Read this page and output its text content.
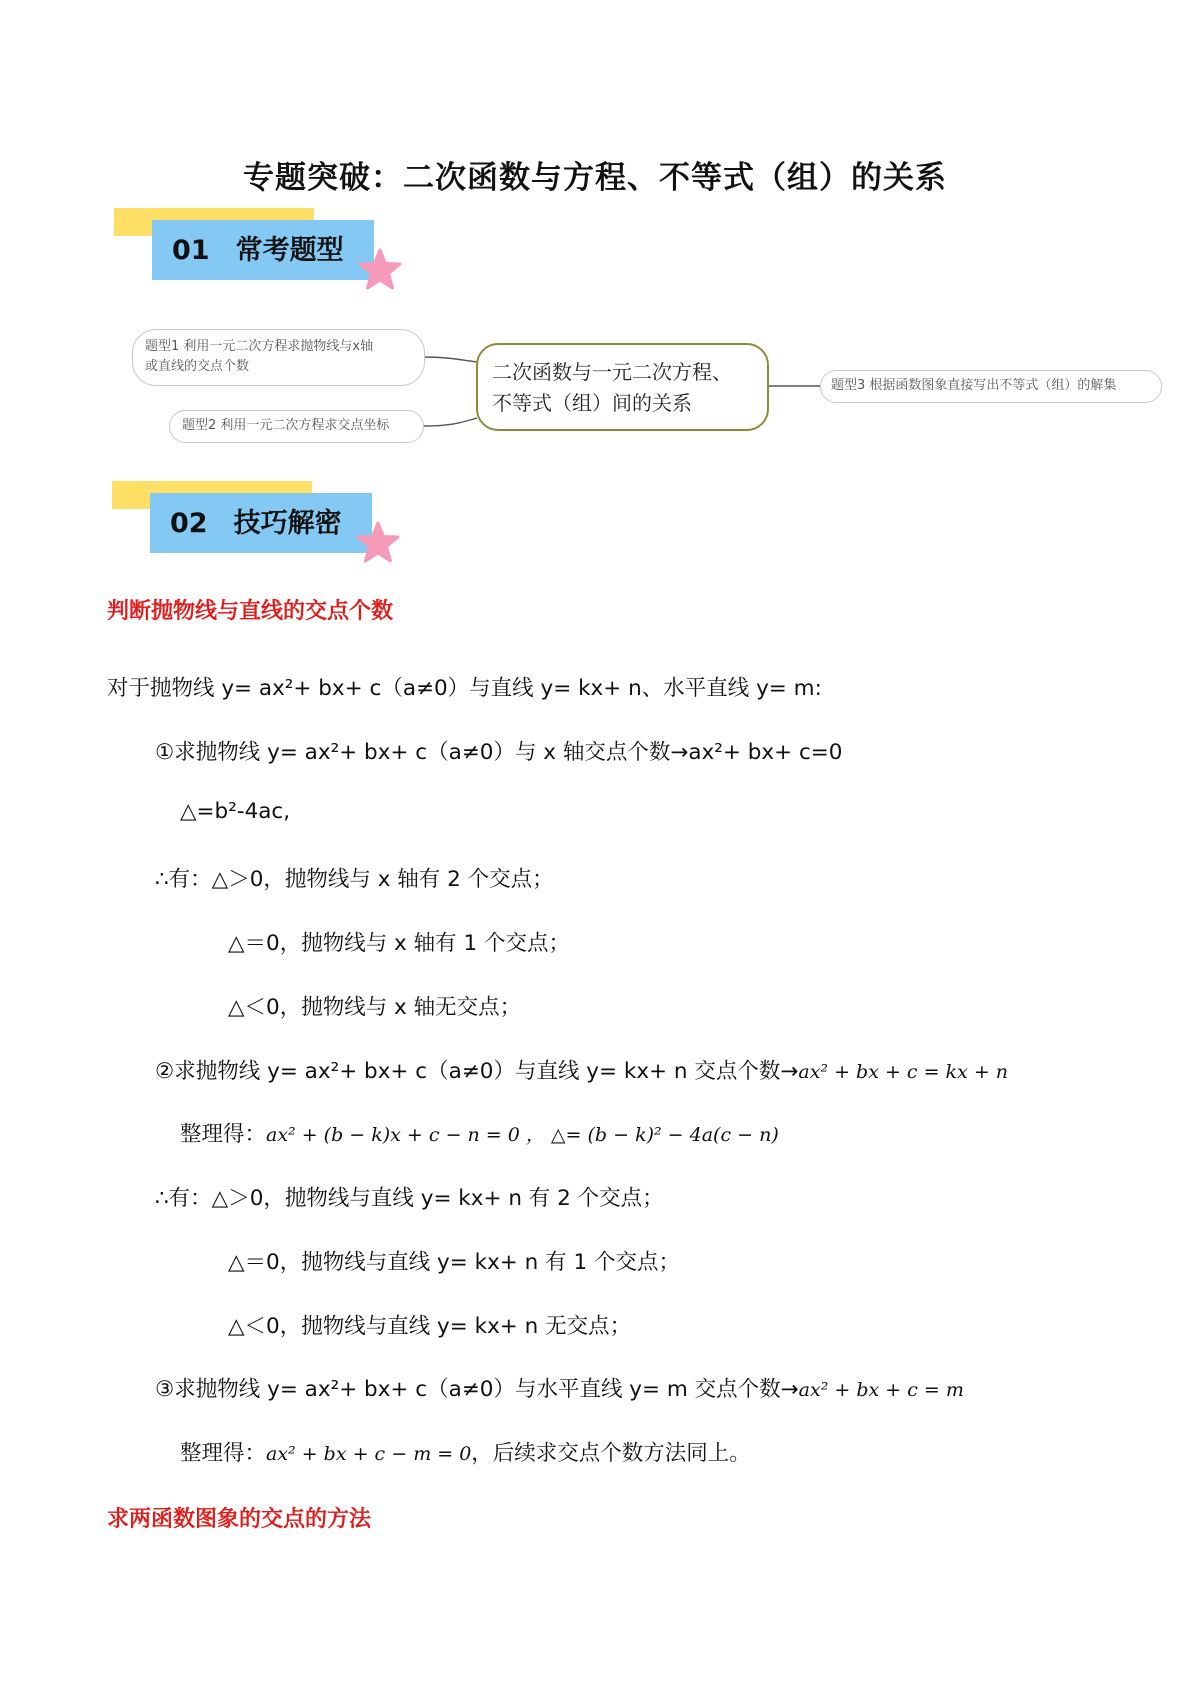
专题突破：二次函数与方程、不等式（组）的关系
01 常考题型
题型1 利用一元二次方程求抛物线与x轴
或直线的交点个数
题型2 利用一元二次方程求交点坐标
二次函数与一元二次方程、
不等式（组）间的关系
题型3 根据函数图象直接写出不等式（组）的解集
02 技巧解密
判断抛物线与直线的交点个数
对于抛物线 y= ax²+ bx+ c（a≠0）与直线 y= kx+ n、水平直线 y= m:
①求抛物线 y= ax²+ bx+ c（a≠0）与 x 轴交点个数→ax²+ bx+ c=0
△=b²-4ac,
∴有：△＞0，抛物线与 x 轴有 2 个交点；
△＝0，抛物线与 x 轴有 1 个交点；
△＜0，抛物线与 x 轴无交点；
②求抛物线 y= ax²+ bx+ c（a≠0）与直线 y= kx+ n 交点个数→ax² + bx + c = kx + n
整理得：ax² + (b − k)x + c − n = 0 ， △= (b − k)² − 4a(c − n)
∴有：△＞0，抛物线与直线 y= kx+ n 有 2 个交点；
△＝0，抛物线与直线 y= kx+ n 有 1 个交点；
△＜0，抛物线与直线 y= kx+ n 无交点；
③求抛物线 y= ax²+ bx+ c（a≠0）与水平直线 y= m 交点个数→ax² + bx + c = m
整理得：ax² + bx + c − m = 0，后续求交点个数方法同上。
求两函数图象的交点的方法
